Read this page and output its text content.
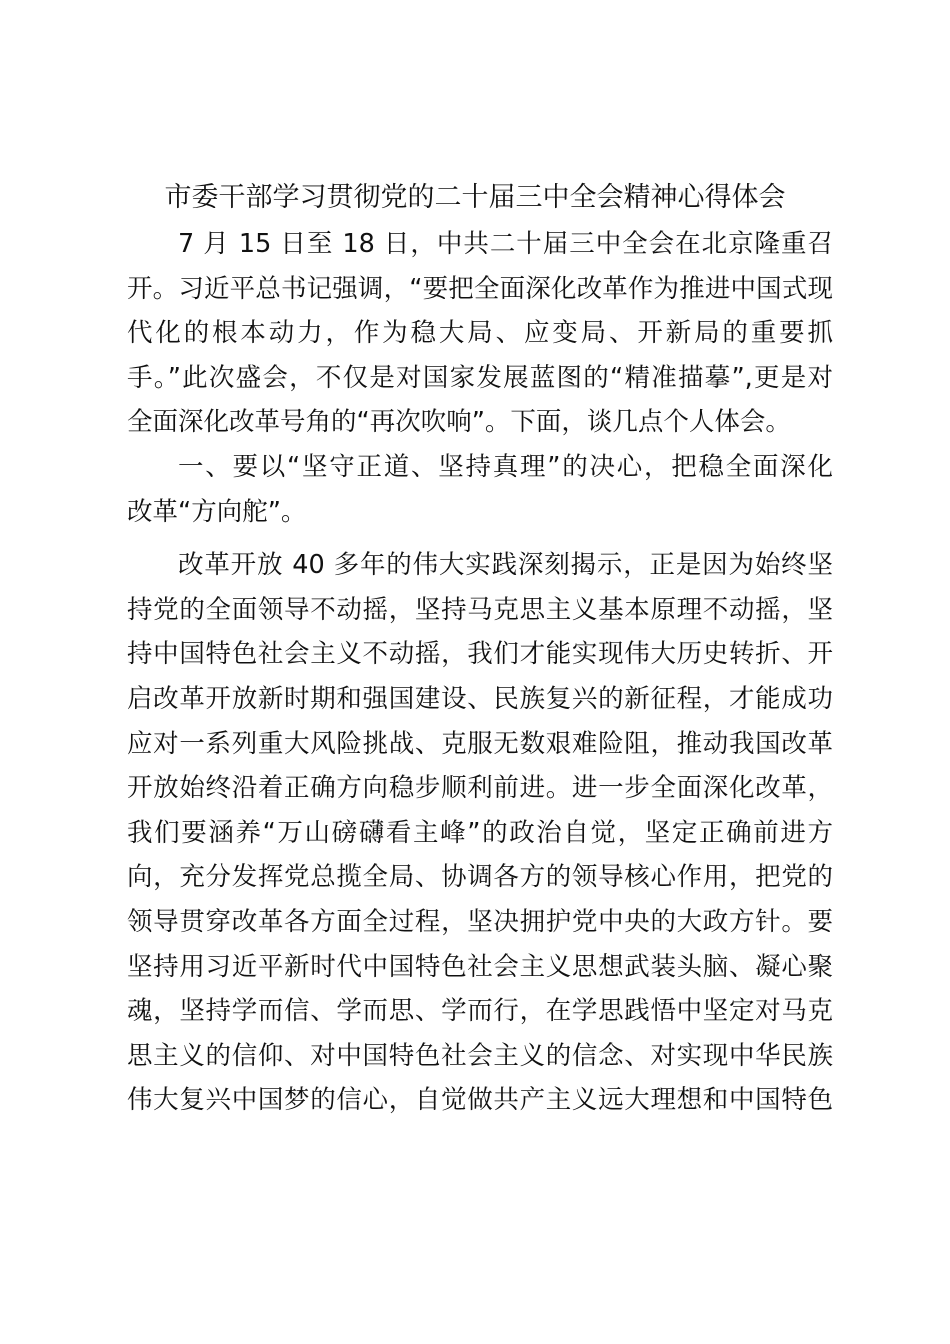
市委干部学习贯彻党的二十届三中全会精神心得体会
7 月 15 日至 18 日，中共二十届三中全会在北京隆重召
开。习近平总书记强调，“要把全面深化改革作为推进中国式现
代化的根本动力，作为稳大局、应变局、开新局的重要抓
手。”此次盛会，不仅是对国家发展蓝图的“精准描摹”,更是对
全面深化改革号角的“再次吹响”。下面，谈几点个人体会。
一、要以“坚守正道、坚持真理”的决心，把稳全面深化
改革“方向舵”。
改革开放 40 多年的伟大实践深刻揭示，正是因为始终坚
持党的全面领导不动摇，坚持马克思主义基本原理不动摇，坚
持中国特色社会主义不动摇，我们才能实现伟大历史转折、开
启改革开放新时期和强国建设、民族复兴的新征程，才能成功
应对一系列重大风险挑战、克服无数艰难险阻，推动我国改革
开放始终沿着正确方向稳步顺利前进。进一步全面深化改革，
我们要涵养“万山磅礴看主峰”的政治自觉，坚定正确前进方
向，充分发挥党总揽全局、协调各方的领导核心作用，把党的
领导贯穿改革各方面全过程，坚决拥护党中央的大政方针。要
坚持用习近平新时代中国特色社会主义思想武装头脑、凝心聚
魂，坚持学而信、学而思、学而行，在学思践悟中坚定对马克
思主义的信仰、对中国特色社会主义的信念、对实现中华民族
伟大复兴中国梦的信心，自觉做共产主义远大理想和中国特色
